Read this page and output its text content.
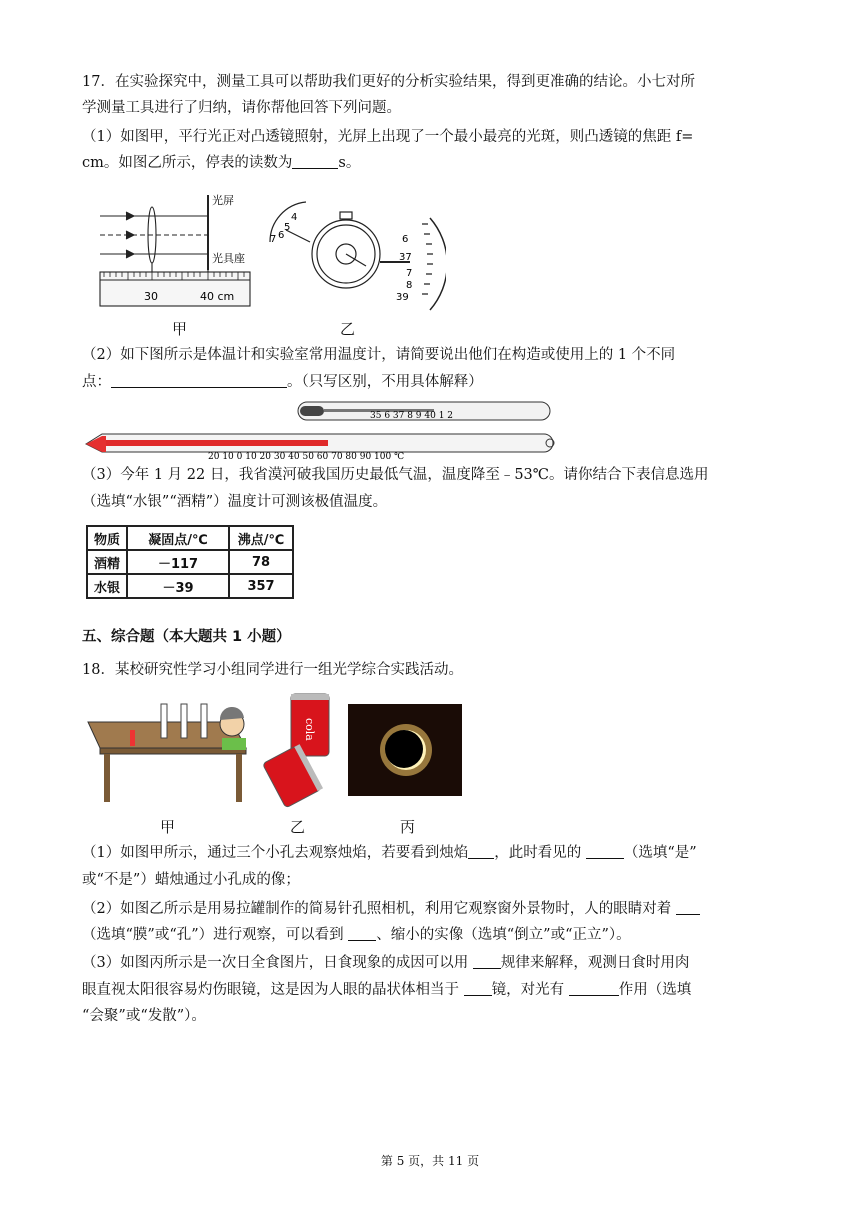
17．在实验探究中，测量工具可以帮助我们更好的分析实验结果，得到更准确的结论。小七对所
学测量工具进行了归纳，请你帮他回答下列问题。
（1）如图甲，平行光正对凸透镜照射，光屏上出现了一个最小最亮的光斑，则凸透镜的焦距 f=
cm。如图乙所示，停表的读数为	s。
光屏
光具座
30	40 cm
4
5
6
7	6
37
7
8
39
甲	乙
（2）如下图所示是体温计和实验室常用温度计，请简要说出他们在构造或使用上的 1 个不同
点：	。（只写区别，不用具体解释）
35 6 37 8 9 40 1 2
20 10 0 10 20 30 40 50 60 70 80 90 100 ℃
（3）今年 1 月 22 日，我省漠河破我国历史最低气温，温度降至﹣53℃。请你结合下表信息选用
（选填“水银”“酒精”）温度计可测该极值温度。
物质	凝固点/℃	沸点/℃
酒精	－117	78
水银	－39	357
五、综合题（本大题共 1 小题）
18．某校研究性学习小组同学进行一组光学综合实践活动。
cola
甲	乙	丙
（1）如图甲所示，通过三个小孔去观察烛焰，若要看到烛焰 ，此时看见的	（选填“是”
或“不是”）蜡烛通过小孔成的像；
（2）如图乙所示是用易拉罐制作的简易针孔照相机，利用它观察窗外景物时，人的眼睛对着
（选填“膜”或“孔”）进行观察，可以看到 、缩小的实像（选填“倒立”或“正立”）。
（3）如图丙所示是一次日全食图片，日食现象的成因可以用 规律来解释，观测日食时用肉
眼直视太阳很容易灼伤眼镜，这是因为人眼的晶状体相当于 镜，对光有	作用（选填
“会聚”或“发散”）。
第 5 页，共 11 页
